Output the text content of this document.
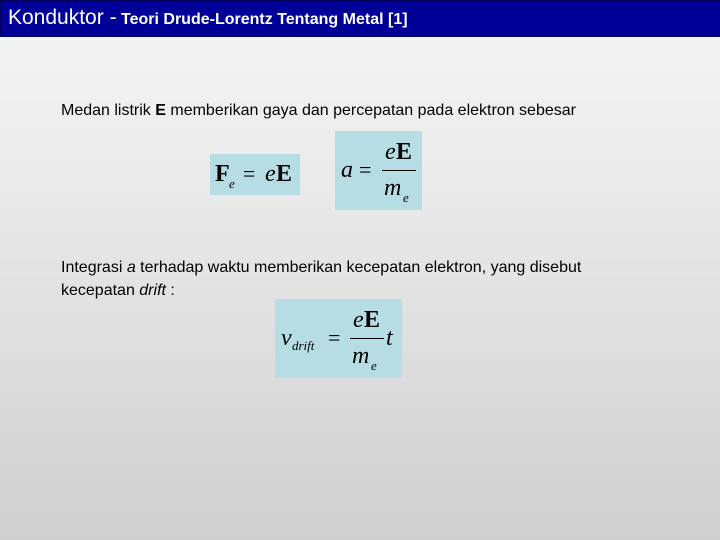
Konduktor - Teori Drude-Lorentz Tentang Metal [1]
Medan listrik E memberikan gaya dan percepatan pada elektron sebesar
F e = e E a =
e E
m e
Integrasi a terhadap waktu memberikan kecepatan elektron, yang disebut
kecepatan drift :
v drift =
e E
m e
t
